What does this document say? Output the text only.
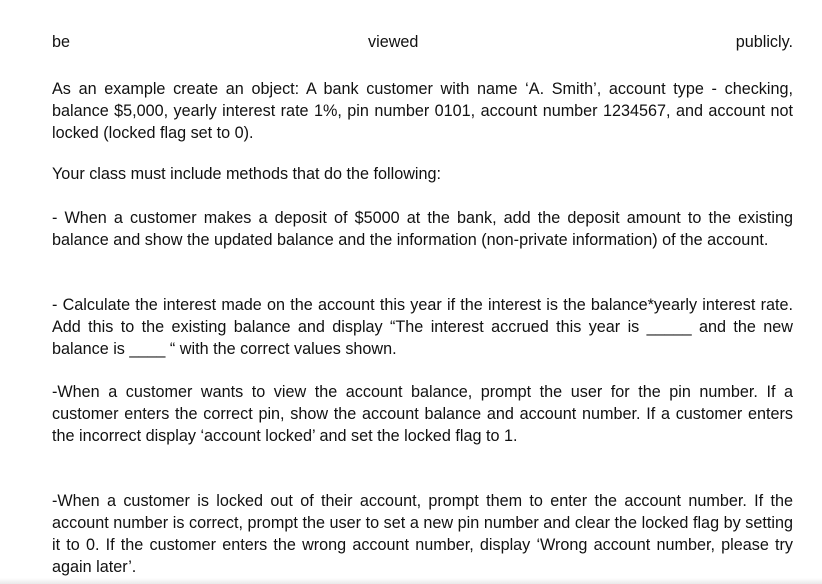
be	viewed	publicly.

As an example create an object: A bank customer with name ‘A. Smith’, account type - checking, balance $5,000, yearly interest rate 1%, pin number 0101, account number 1234567, and account not locked (locked flag set to 0).

Your class must include methods that do the following:

- When a customer makes a deposit of $5000 at the bank, add the deposit amount to the existing balance and show the updated balance and the information (non-private information) of the account.

- Calculate the interest made on the account this year if the interest is the balance*yearly interest rate. Add this to the existing balance and display “The interest accrued this year is _____ and the new balance is ____ “ with the correct values shown.

-When a customer wants to view the account balance, prompt the user for the pin number. If a customer enters the correct pin, show the account balance and account number. If a customer enters the incorrect display ‘account locked’ and set the locked flag to 1.

-When a customer is locked out of their account, prompt them to enter the account number. If the account number is correct, prompt the user to set a new pin number and clear the locked flag by setting it to 0. If the customer enters the wrong account number, display ‘Wrong account number, please try again later’.
